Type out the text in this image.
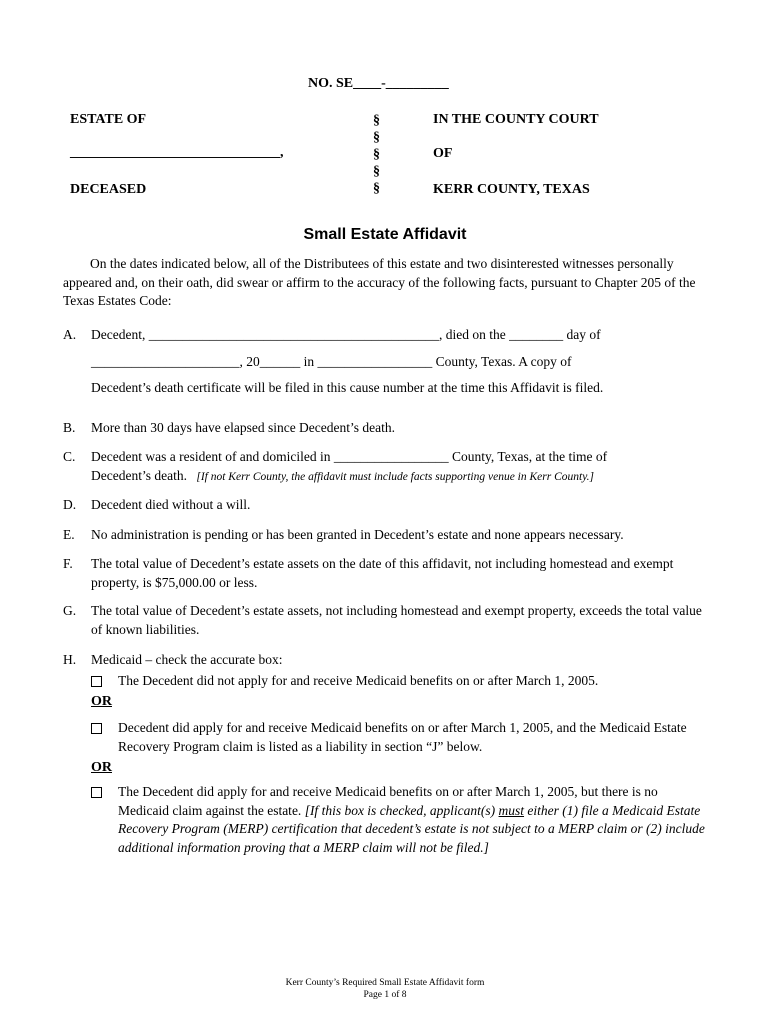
NO. SE____-_________
ESTATE OF
______________________________,
DECEASED
§
§
§
§
§
IN THE COUNTY COURT
OF
KERR COUNTY, TEXAS
Small Estate Affidavit
On the dates indicated below, all of the Distributees of this estate and two disinterested witnesses personally appeared and, on their oath, did swear or affirm to the accuracy of the following facts, pursuant to Chapter 205 of the Texas Estates Code:
A. Decedent, ___________________________________________, died on the ________ day of
______________________, 20______ in _________________ County, Texas. A copy of
Decedent’s death certificate will be filed in this cause number at the time this Affidavit is filed.
B. More than 30 days have elapsed since Decedent’s death.
C. Decedent was a resident of and domiciled in _________________ County, Texas, at the time of
Decedent’s death. [If not Kerr County, the affidavit must include facts supporting venue in Kerr County.]
D. Decedent died without a will.
E. No administration is pending or has been granted in Decedent’s estate and none appears necessary.
F. The total value of Decedent’s estate assets on the date of this affidavit, not including homestead and exempt property, is $75,000.00 or less.
G. The total value of Decedent’s estate assets, not including homestead and exempt property, exceeds the total value of known liabilities.
H. Medicaid – check the accurate box:
The Decedent did not apply for and receive Medicaid benefits on or after March 1, 2005.
OR
Decedent did apply for and receive Medicaid benefits on or after March 1, 2005, and the Medicaid Estate Recovery Program claim is listed as a liability in section “J” below.
OR
The Decedent did apply for and receive Medicaid benefits on or after March 1, 2005, but there is no Medicaid claim against the estate. [If this box is checked, applicant(s) must either (1) file a Medicaid Estate Recovery Program (MERP) certification that decedent’s estate is not subject to a MERP claim or (2) include additional information proving that a MERP claim will not be filed.]
Kerr County’s Required Small Estate Affidavit form
Page 1 of 8
